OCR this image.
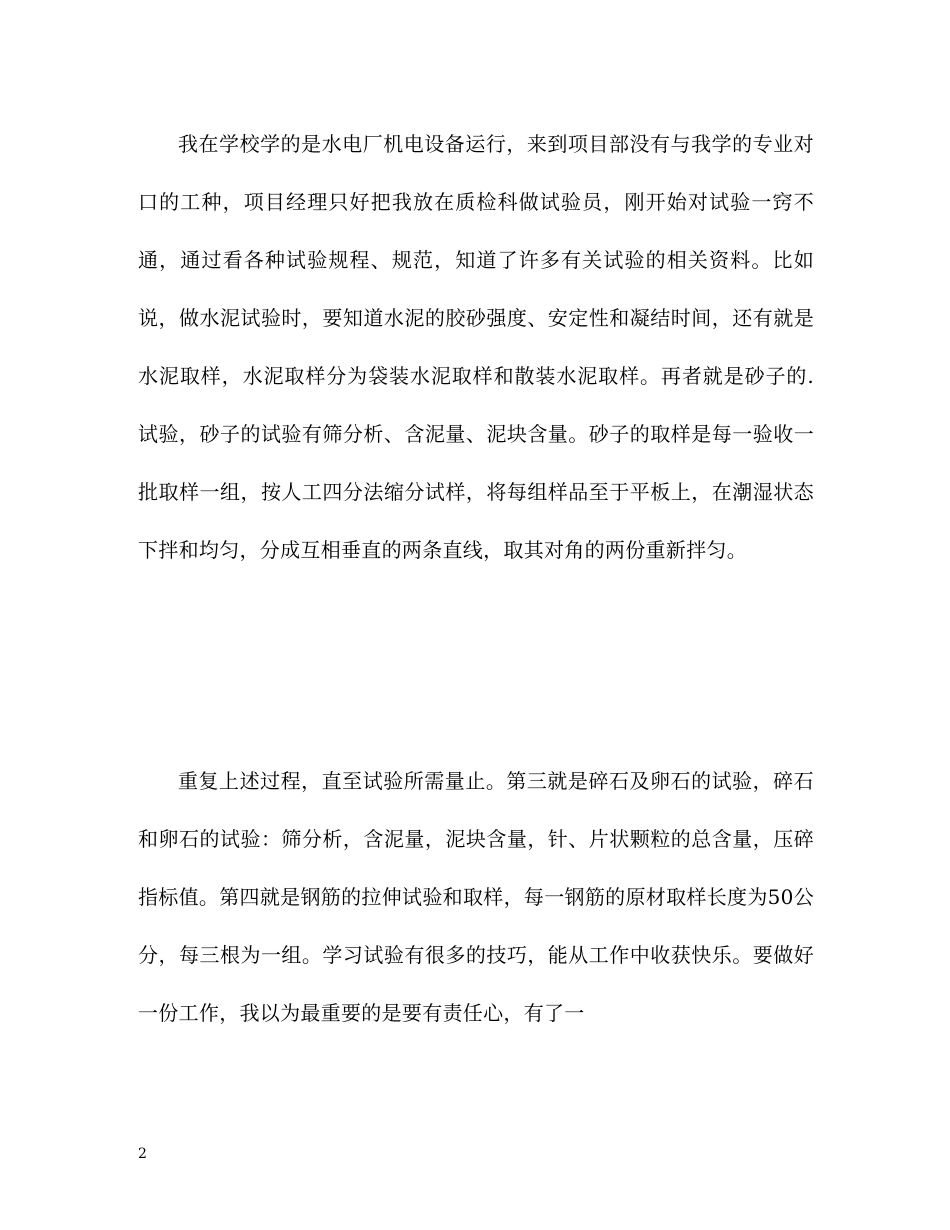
我在学校学的是水电厂机电设备运行，来到项目部没有与我学的专业对口的工种，项目经理只好把我放在质检科做试验员，刚开始对试验一窍不通，通过看各种试验规程、规范，知道了许多有关试验的相关资料。比如说，做水泥试验时，要知道水泥的胶砂强度、安定性和凝结时间，还有就是水泥取样，水泥取样分为袋装水泥取样和散装水泥取样。再者就是砂子的.试验，砂子的试验有筛分析、含泥量、泥块含量。砂子的取样是每一验收一批取样一组，按人工四分法缩分试样，将每组样品至于平板上，在潮湿状态下拌和均匀，分成互相垂直的两条直线，取其对角的两份重新拌匀。

重复上述过程，直至试验所需量止。第三就是碎石及卵石的试验，碎石和卵石的试验：筛分析，含泥量，泥块含量，针、片状颗粒的总含量，压碎指标值。第四就是钢筋的拉伸试验和取样，每一钢筋的原材取样长度为50公分，每三根为一组。学习试验有很多的技巧，能从工作中收获快乐。要做好一份工作，我以为最重要的是要有责任心，有了一

2
